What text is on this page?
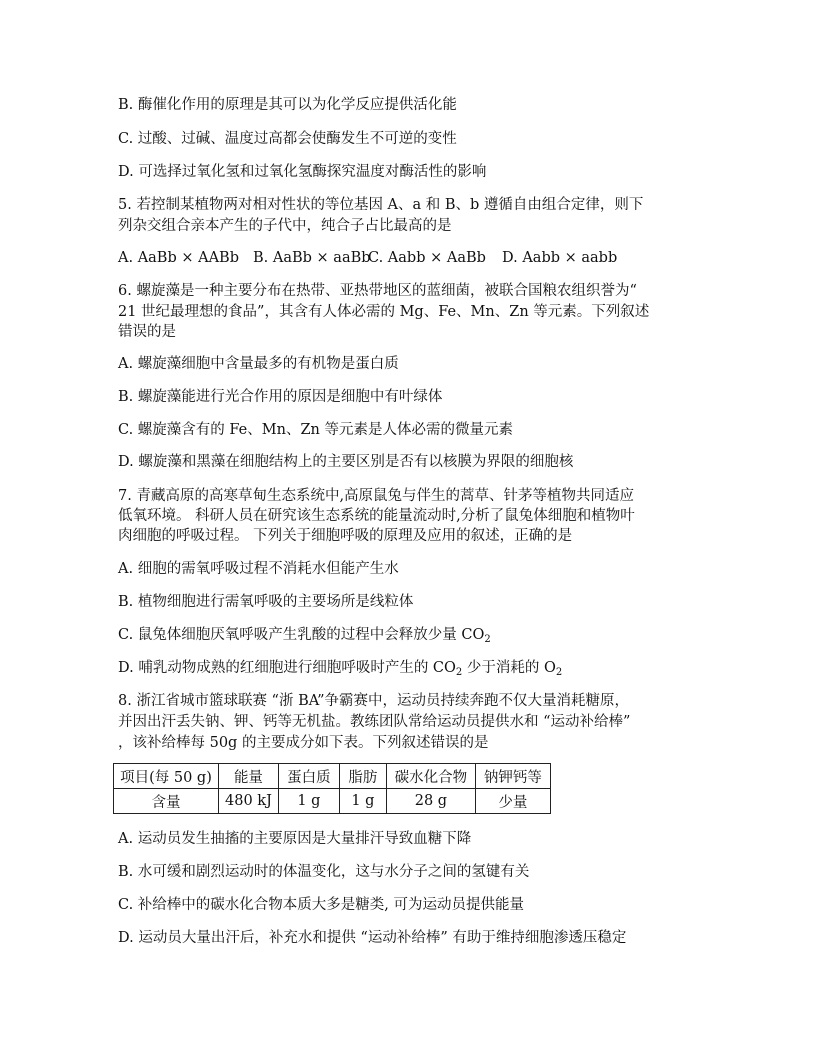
B. 酶催化作用的原理是其可以为化学反应提供活化能
C. 过酸、过碱、温度过高都会使酶发生不可逆的变性
D. 可选择过氧化氢和过氧化氢酶探究温度对酶活性的影响
5. 若控制某植物两对相对性状的等位基因 A、a 和 B、b 遵循自由组合定律，则下
列杂交组合亲本产生的子代中，纯合子占比最高的是
A. AaBb × AABb B. AaBb × aaBbC. Aabb × AaBb D. Aabb × aabb
6. 螺旋藻是一种主要分布在热带、亚热带地区的蓝细菌，被联合国粮农组织誉为“
21 世纪最理想的食品”，其含有人体必需的 Mg、Fe、Mn、Zn 等元素。下列叙述
错误的是
A. 螺旋藻细胞中含量最多的有机物是蛋白质
B. 螺旋藻能进行光合作用的原因是细胞中有叶绿体
C. 螺旋藻含有的 Fe、Mn、Zn 等元素是人体必需的微量元素
D. 螺旋藻和黑藻在细胞结构上的主要区别是否有以核膜为界限的细胞核
7. 青藏高原的高寒草甸生态系统中,高原鼠兔与伴生的蒿草、针茅等植物共同适应
低氧环境。 科研人员在研究该生态系统的能量流动时,分析了鼠兔体细胞和植物叶
肉细胞的呼吸过程。 下列关于细胞呼吸的原理及应用的叙述，正确的是
A. 细胞的需氧呼吸过程不消耗水但能产生水
B. 植物细胞进行需氧呼吸的主要场所是线粒体
C. 鼠兔体细胞厌氧呼吸产生乳酸的过程中会释放少量 $CO_2$
D. 哺乳动物成熟的红细胞进行细胞呼吸时产生的 $CO_2$ 少于消耗的 $O_2$
8. 浙江省城市篮球联赛 “浙 BA”争霸赛中，运动员持续奔跑不仅大量消耗糖原，
并因出汗丢失钠、钾、钙等无机盐。教练团队常给运动员提供水和 “运动补给棒”
，该补给棒每 50g 的主要成分如下表。下列叙述错误的是
项目(每 50 g)	能量	蛋白质	脂肪	碳水化合物	钠钾钙等
含量	480 kJ	1 g	1 g	28 g	少量
A. 运动员发生抽搐的主要原因是大量排汗导致血糖下降
B. 水可缓和剧烈运动时的体温变化，这与水分子之间的氢键有关
C. 补给棒中的碳水化合物本质大多是糖类, 可为运动员提供能量
D. 运动员大量出汗后，补充水和提供 “运动补给棒” 有助于维持细胞渗透压稳定
